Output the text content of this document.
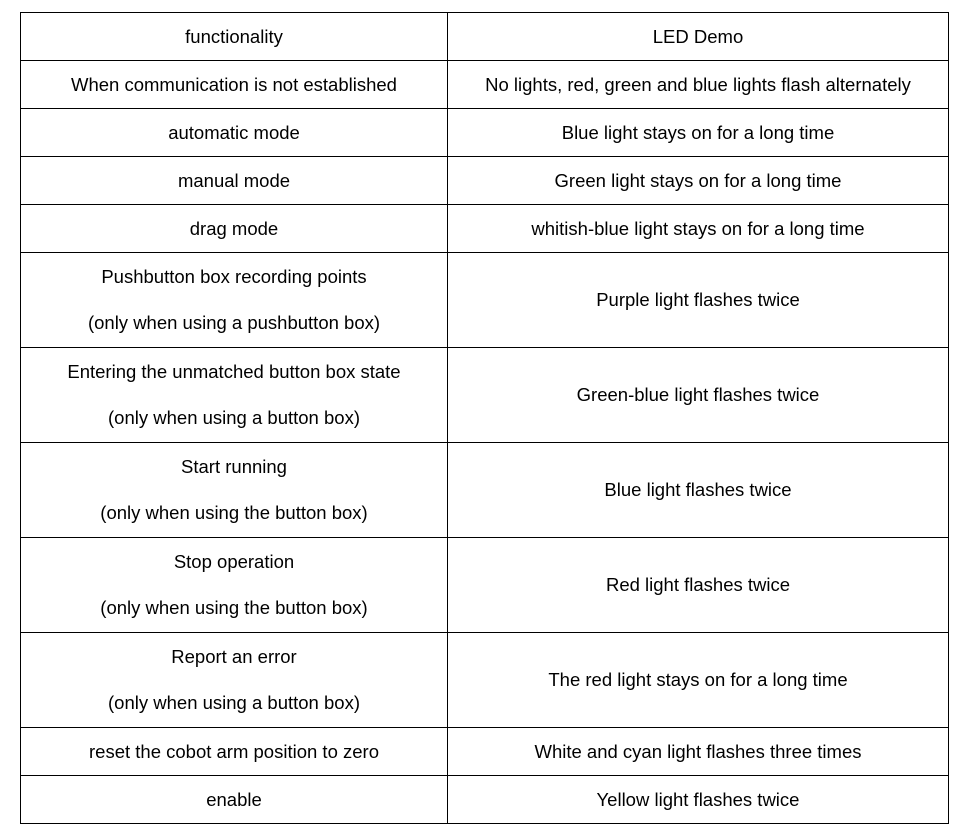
functionality	LED Demo

When communication is not established	No lights, red, green and blue lights flash alternately

automatic mode	Blue light stays on for a long time

manual mode	Green light stays on for a long time

drag mode	whitish-blue light stays on for a long time

Pushbutton box recording points
(only when using a pushbutton box)	Purple light flashes twice

Entering the unmatched button box state
(only when using a button box)	Green-blue light flashes twice

Start running
(only when using the button box)	Blue light flashes twice

Stop operation
(only when using the button box)	Red light flashes twice

Report an error
(only when using a button box)	The red light stays on for a long time

reset the cobot arm position to zero	White and cyan light flashes three times

enable	Yellow light flashes twice
